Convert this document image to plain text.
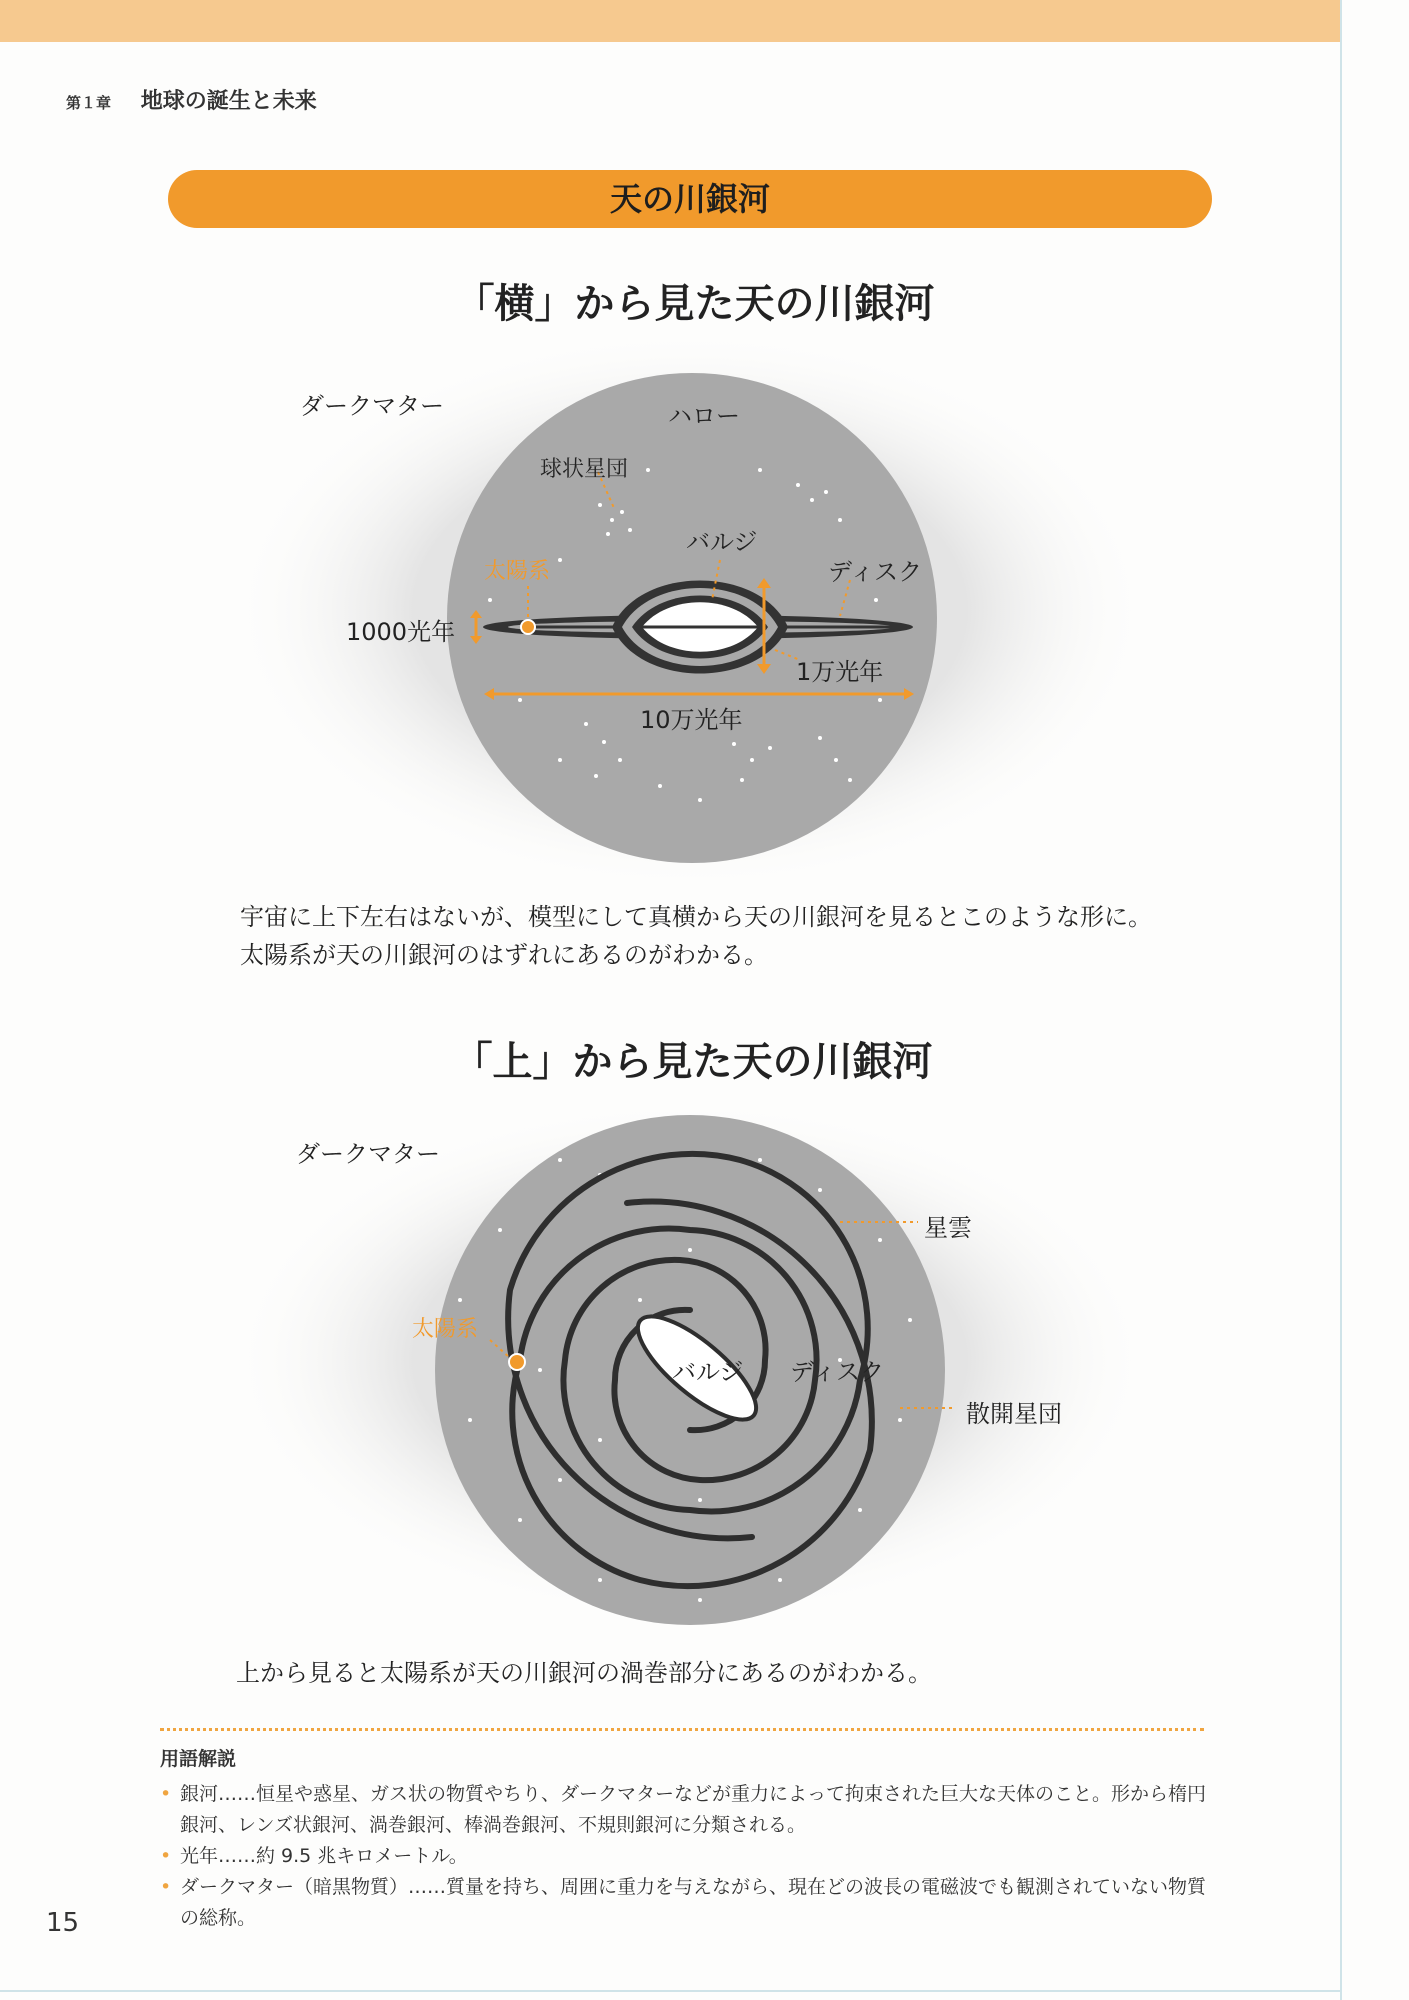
第１章 地球の誕生と未来
天の川銀河
「横」から見た天の川銀河
ダークマター	ハロー
球状星団
バルジ
太陽系	ディスク
1000光年
1万光年
10万光年
宇宙に上下左右はないが、模型にして真横から天の川銀河を見るとこのような形に。太陽系が天の川銀河のはずれにあるのがわかる。
「上」から見た天の川銀河
ダークマター
星雲
太陽系
バルジ ディスク
散開星団
上から見ると太陽系が天の川銀河の渦巻部分にあるのがわかる。
用語解説
• 銀河……恒星や惑星、ガス状の物質やちり、ダークマターなどが重力によって拘束された巨大な天体のこと。形から楕円銀河、レンズ状銀河、渦巻銀河、棒渦巻銀河、不規則銀河に分類される。
• 光年……約 9.5 兆キロメートル。
• ダークマター（暗黒物質）……質量を持ち、周囲に重力を与えながら、現在どの波長の電磁波でも観測されていない物質の総称。
15
